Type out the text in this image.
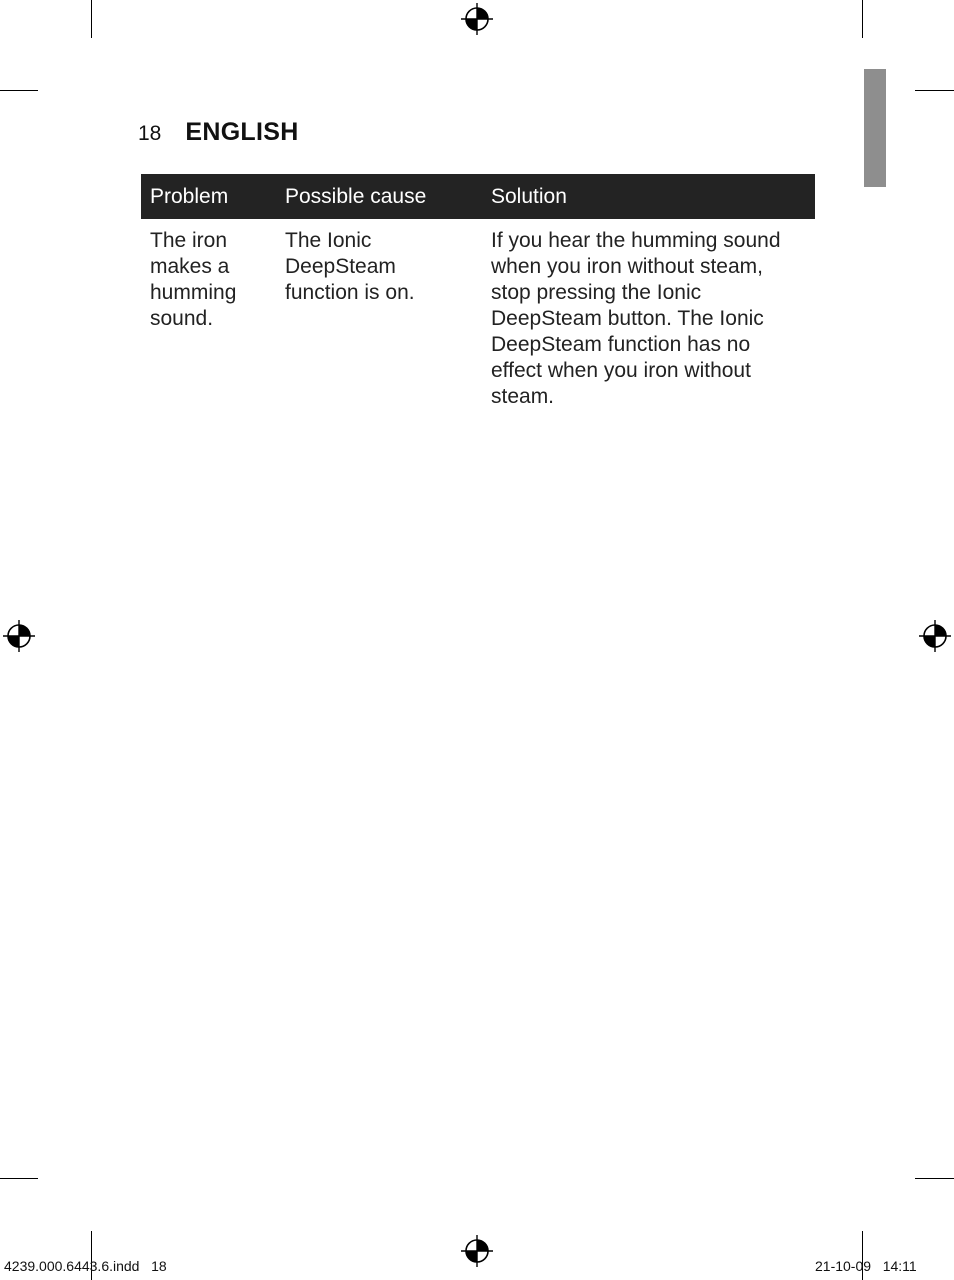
18 ENGLISH
Problem	Possible cause	Solution
The iron makes a humming sound.	The Ionic DeepSteam function is on.	If you hear the humming sound when you iron without steam, stop pressing the Ionic DeepSteam button. The Ionic DeepSteam function has no effect when you iron without steam.
4239.000.6443.6.indd   18	21-10-09   14:11
